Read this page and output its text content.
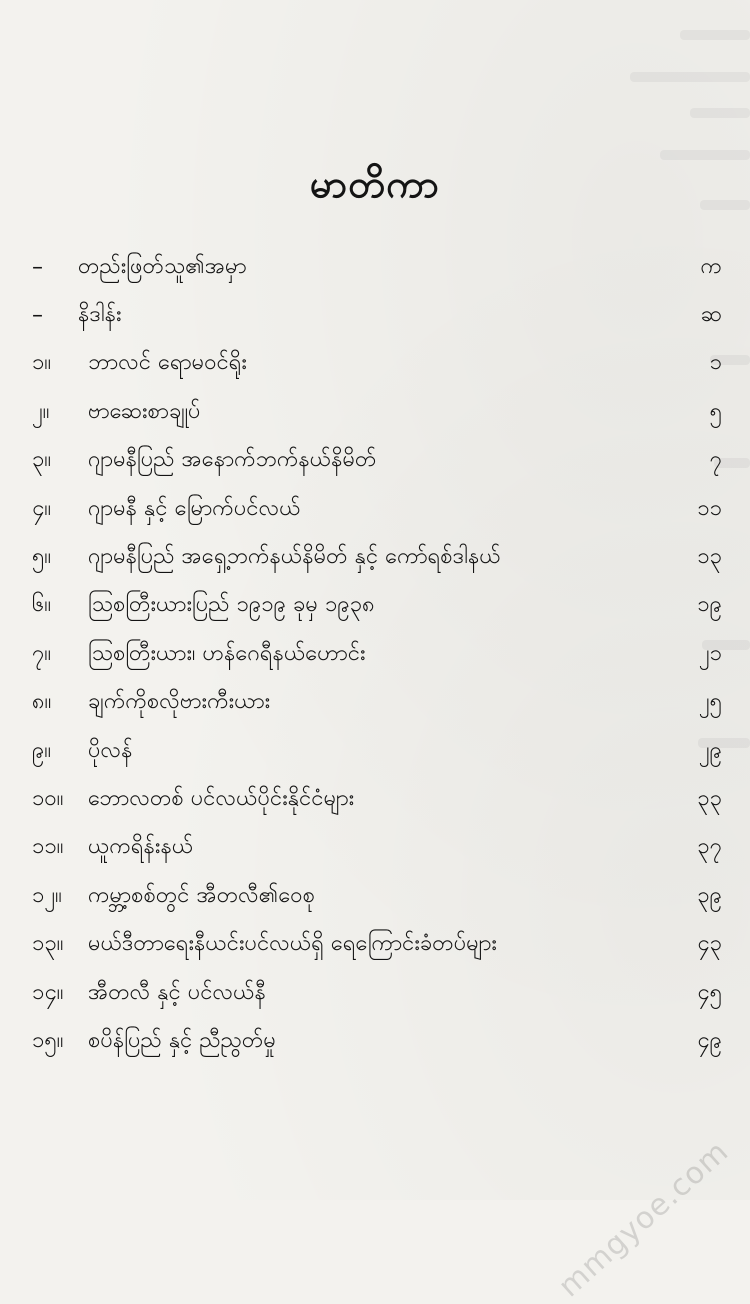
မာတိကာ
–	တည်းဖြတ်သူ၏အမှာ	က
–	နိဒါန်း	ဆ
၁။	ဘာလင် ရောမဝင်ရိုး	၁
၂။	ဗာဆေးစာချုပ်	၅
၃။	ဂျာမနီပြည် အနောက်ဘက်နယ်နိမိတ်	၇
၄။	ဂျာမနီ နှင့် မြောက်ပင်လယ်	၁၁
၅။	ဂျာမနီပြည် အရှေ့ဘက်နယ်နိမိတ် နှင့် ကော်ရစ်ဒါနယ်	၁၃
၆။	သြစတြီးယားပြည် ၁၉၁၉ ခုမှ ၁၉၃၈	၁၉
၇။	သြစတြီးယား၊ ဟန်ဂေရီနယ်ဟောင်း	၂၁
၈။	ချက်ကိုစလိုဗားကီးယား	၂၅
၉။	ပိုလန်	၂၉
၁၀။	ဘောလတစ် ပင်လယ်ပိုင်းနိုင်ငံများ	၃၃
၁၁။	ယူကရိန်းနယ်	၃၇
၁၂။	ကမ္ဘာ့စစ်တွင် အီတလီ၏ဝေစု	၃၉
၁၃။	မယ်ဒီတာရေးနီယင်းပင်လယ်ရှိ ရေကြောင်းခံတပ်များ	၄၃
၁၄။	အီတလီ နှင့် ပင်လယ်နီ	၄၅
၁၅။	စပိန်ပြည် နှင့် ညီညွတ်မှု	၄၉
mmgyoe.com
